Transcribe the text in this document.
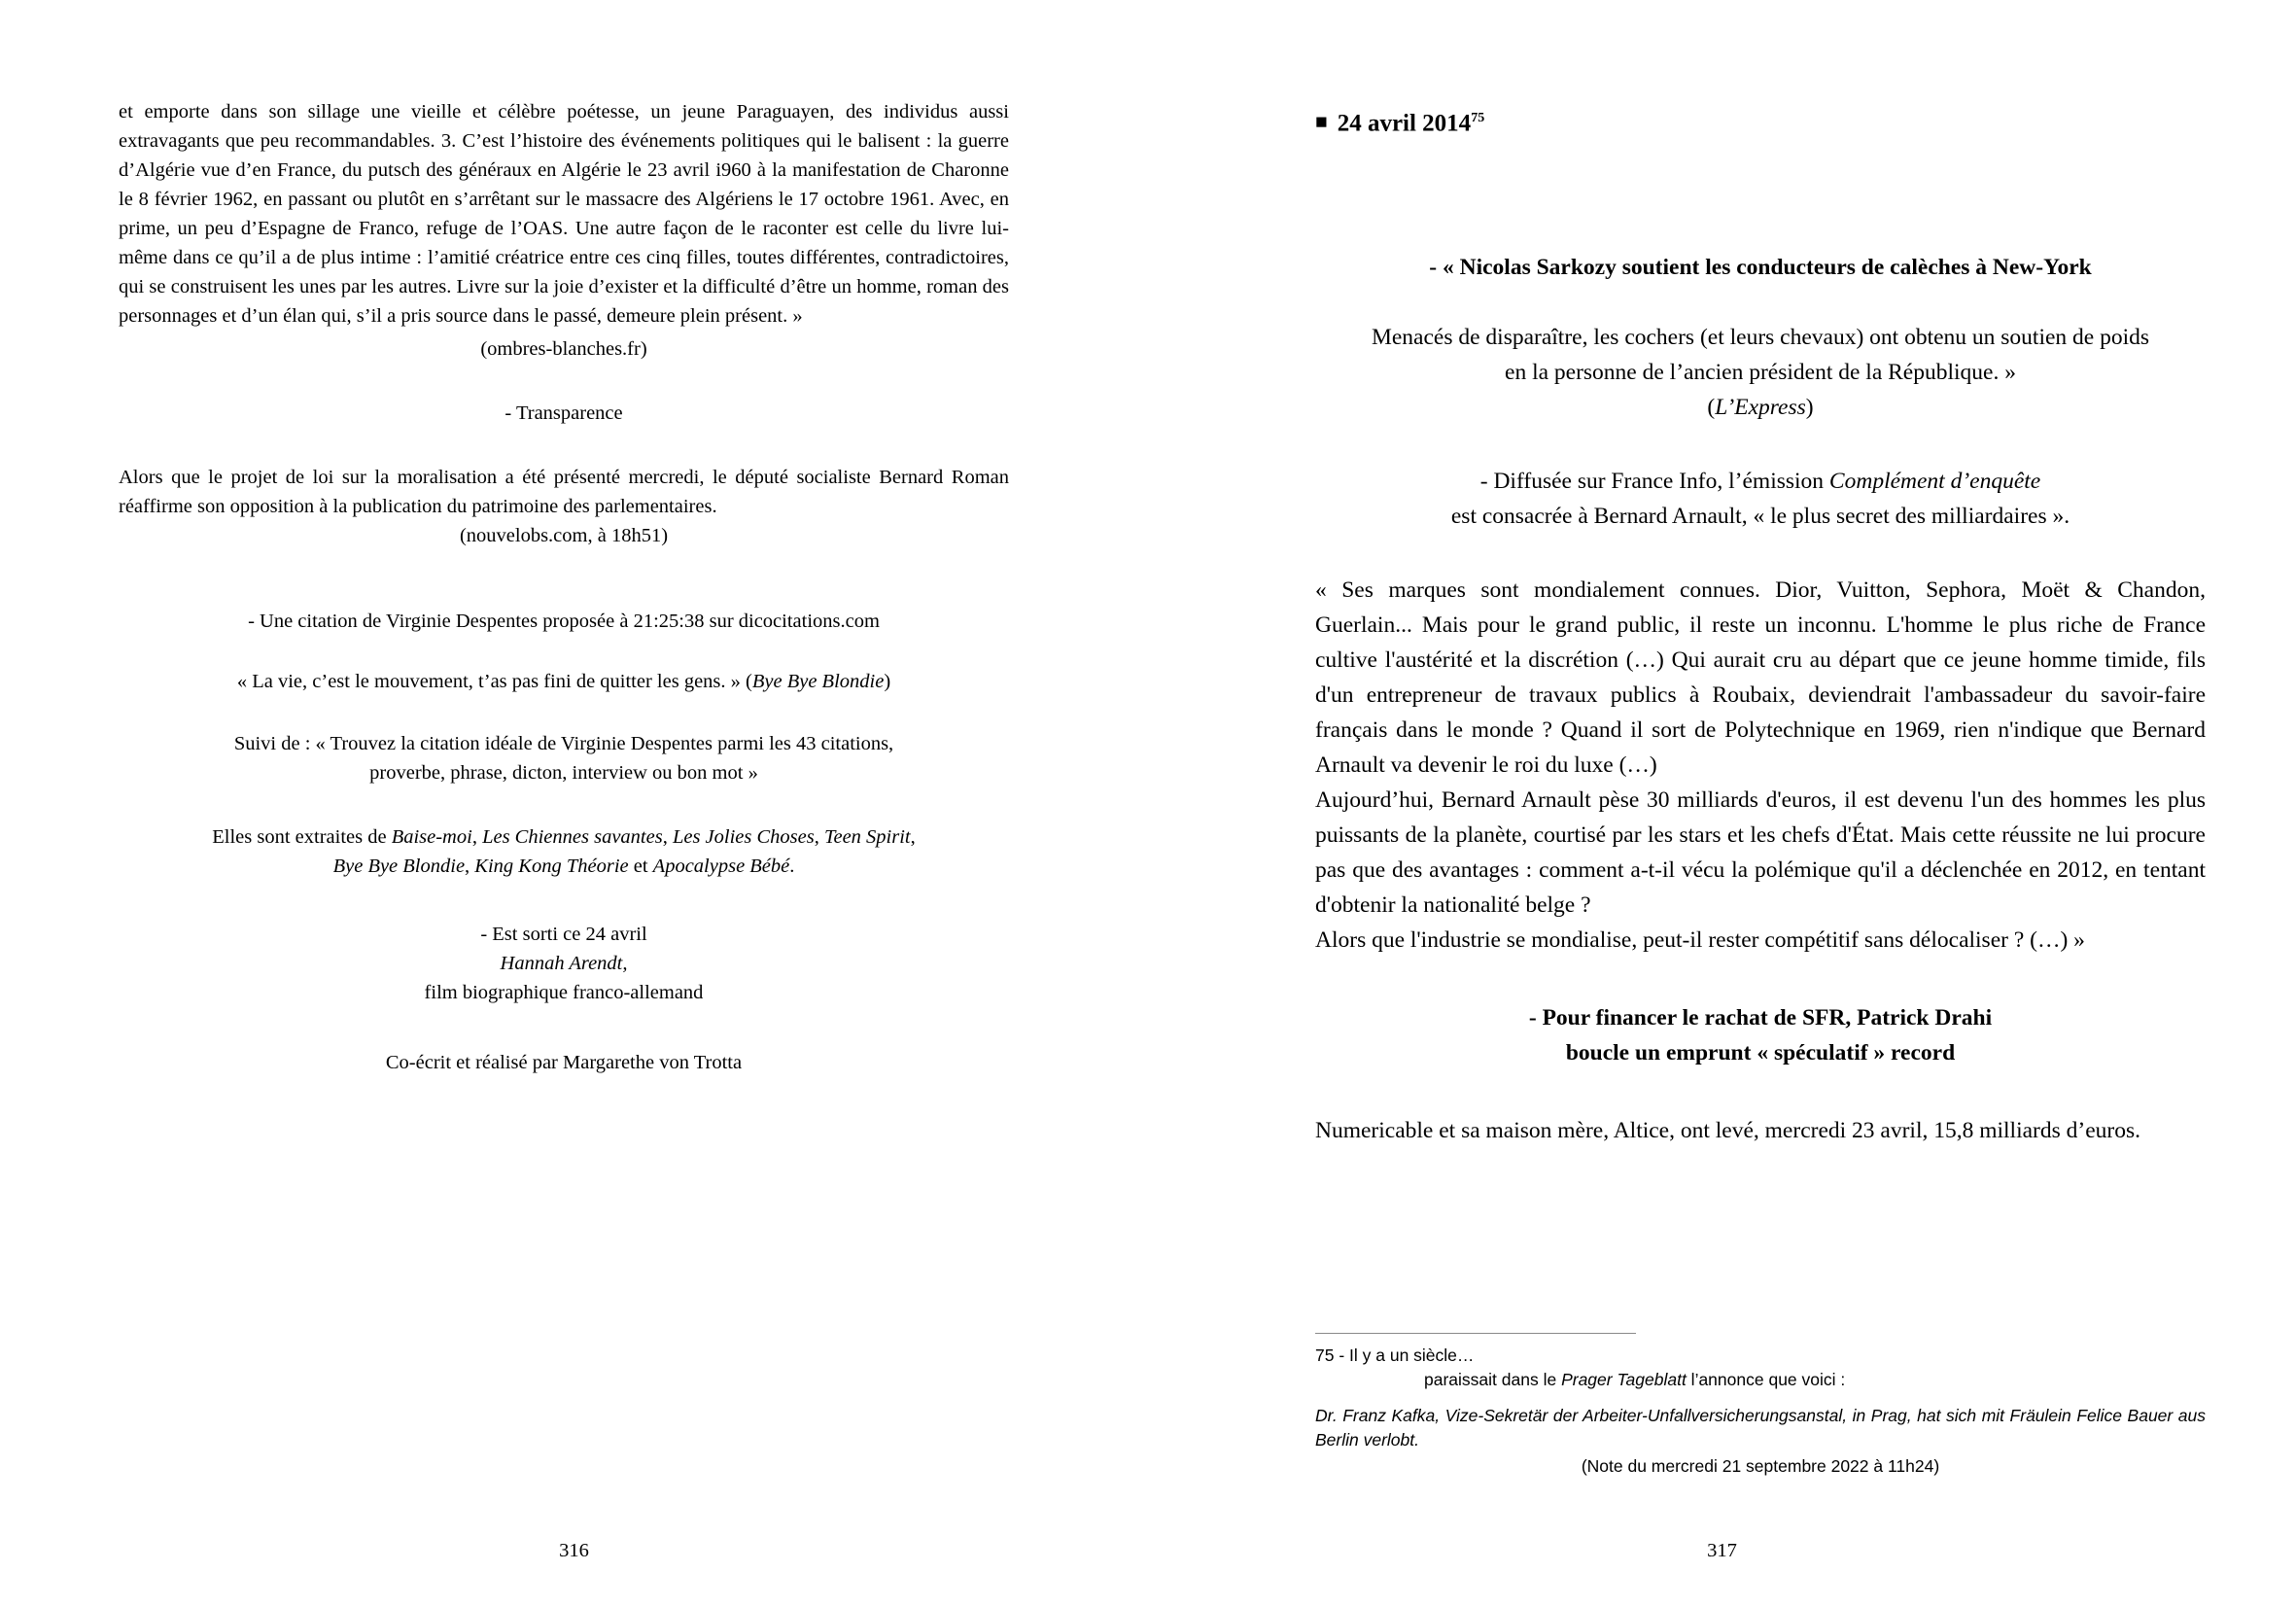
et emporte dans son sillage une vieille et célèbre poétesse, un jeune Paraguayen, des individus aussi extravagants que peu recommandables. 3. C’est l’histoire des événements politiques qui le balisent : la guerre d’Algérie vue d’en France, du putsch des généraux en Algérie le 23 avril i960 à la manifestation de Charonne le 8 février 1962, en passant ou plutôt en s’arrêtant sur le massacre des Algériens le 17 octobre 1961. Avec, en prime, un peu d’Espagne de Franco, refuge de l’OAS. Une autre façon de le raconter est celle du livre lui-même dans ce qu’il a de plus intime : l’amitié créatrice entre ces cinq filles, toutes différentes, contradictoires, qui se construisent les unes par les autres. Livre sur la joie d’exister et la difficulté d’être un homme, roman des personnages et d’un élan qui, s’il a pris source dans le passé, demeure plein présent. »

(ombres-blanches.fr)

- Transparence

Alors que le projet de loi sur la moralisation a été présenté mercredi, le député socialiste Bernard Roman réaffirme son opposition à la publication du patrimoine des parlementaires.

(nouvelobs.com, à 18h51)

- Une citation de Virginie Despentes proposée à 21:25:38 sur dicocitations.com

« La vie, c’est le mouvement, t’as pas fini de quitter les gens. » (Bye Bye Blondie)

Suivi de : « Trouvez la citation idéale de Virginie Despentes parmi les 43 citations,

proverbe, phrase, dicton, interview ou bon mot »

Elles sont extraites de Baise-moi, Les Chiennes savantes, Les Jolies Choses, Teen Spirit,

Bye Bye Blondie, King Kong Théorie et Apocalypse Bébé.

- Est sorti ce 24 avril

Hannah Arendt,

film biographique franco-allemand

Co-écrit et réalisé par Margarethe von Trotta

316

■ 24 avril 2014$^{75}$

- « Nicolas Sarkozy soutient les conducteurs de calèches à New-York

Menacés de disparaître, les cochers (et leurs chevaux) ont obtenu un soutien de poids

en la personne de l’ancien président de la République. »

(L’Express)

- Diffusée sur France Info, l’émission Complément d’enquête

est consacrée à Bernard Arnault, « le plus secret des milliardaires ».

« Ses marques sont mondialement connues. Dior, Vuitton, Sephora, Moët & Chandon, Guerlain... Mais pour le grand public, il reste un inconnu. L'homme le plus riche de France cultive l'austérité et la discrétion (…) Qui aurait cru au départ que ce jeune homme timide, fils d'un entrepreneur de travaux publics à Roubaix, deviendrait l'ambassadeur du savoir-faire français dans le monde ? Quand il sort de Polytechnique en 1969, rien n'indique que Bernard Arnault va devenir le roi du luxe (…)

Aujourd’hui, Bernard Arnault pèse 30 milliards d'euros, il est devenu l'un des hommes les plus puissants de la planète, courtisé par les stars et les chefs d'État. Mais cette réussite ne lui procure pas que des avantages : comment a-t-il vécu la polémique qu'il a déclenchée en 2012, en tentant d'obtenir la nationalité belge ?

Alors que l'industrie se mondialise, peut-il rester compétitif sans délocaliser ? (…) »

- Pour financer le rachat de SFR, Patrick Drahi

boucle un emprunt « spéculatif » record

Numericable et sa maison mère, Altice, ont levé, mercredi 23 avril, 15,8 milliards d’euros.

75 - Il y a un siècle…
paraissait dans le Prager Tageblatt l’annonce que voici :
Dr. Franz Kafka, Vize-Sekretär der Arbeiter-Unfallversicherungsanstal, in Prag, hat sich mit Fräulein Felice Bauer aus Berlin verlobt.
(Note du mercredi 21 septembre 2022 à 11h24)
317
